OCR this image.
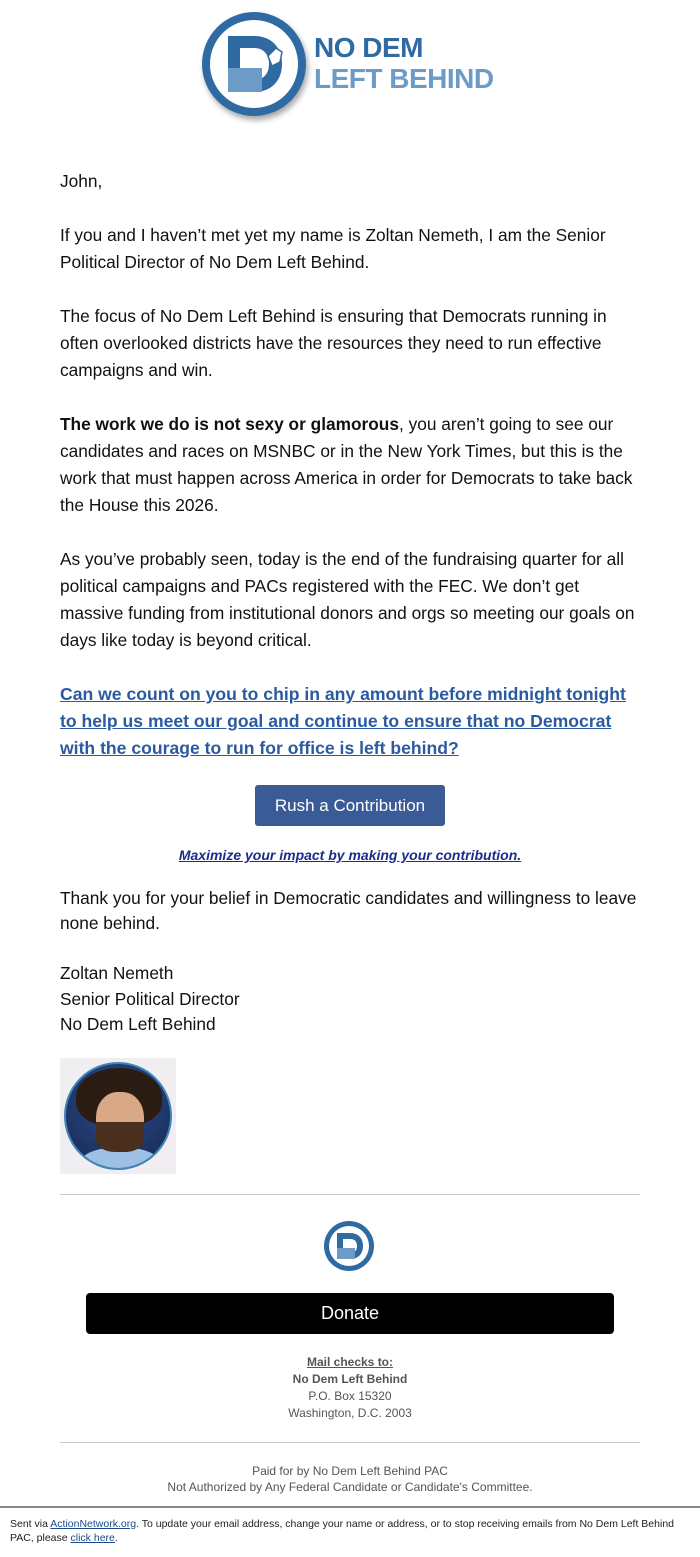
NO DEM
LEFT BEHIND

John,

If you and I haven’t met yet my name is Zoltan Nemeth, I am the Senior Political Director of No Dem Left Behind.

The focus of No Dem Left Behind is ensuring that Democrats running in often overlooked districts have the resources they need to run effective campaigns and win.

The work we do is not sexy or glamorous, you aren’t going to see our candidates and races on MSNBC or in the New York Times, but this is the work that must happen across America in order for Democrats to take back the House this 2026.

As you’ve probably seen, today is the end of the fundraising quarter for all political campaigns and PACs registered with the FEC. We don’t get massive funding from institutional donors and orgs so meeting our goals on days like today is beyond critical.

Can we count on you to chip in any amount before midnight tonight to help us meet our goal and continue to ensure that no Democrat with the courage to run for office is left behind?
Rush a Contribution
Maximize your impact by making your contribution.
Thank you for your belief in Democratic candidates and willingness to leave none behind.
Zoltan Nemeth
Senior Political Director
No Dem Left Behind
Donate
Mail checks to:
No Dem Left Behind
P.O. Box 15320
Washington, D.C. 2003
Paid for by No Dem Left Behind PAC
Not Authorized by Any Federal Candidate or Candidate's Committee.
Sent via ActionNetwork.org. To update your email address, change your name or address, or to stop receiving emails from No Dem Left Behind PAC, please click here.
